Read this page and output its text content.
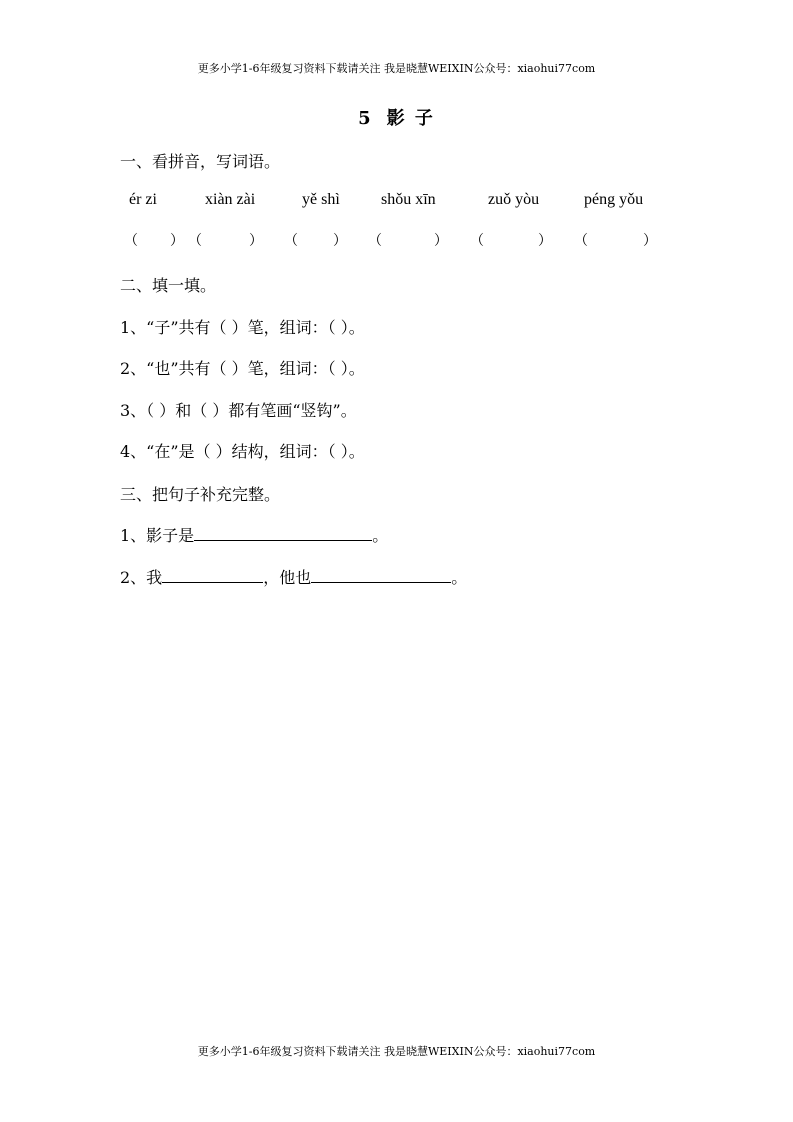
更多小学1-6年级复习资料下载请关注 我是晓慧WEIXIN公众号：xiaohui77com
5 影 子
一、看拼音，写词语。
ér zi	xiàn zài	yě shì	shǒu xīn	zuǒ yòu	péng yǒu
（ ） （	） （	） （	） （	） （	）
二、填一填。
1、“子”共有（ ）笔，组词：（ ）。
2、“也”共有（ ）笔，组词：（ ）。
3、（ ）和（ ）都有笔画“竖钩”。
4、“在”是（ ）结构，组词：（ ）。
三、把句子补充完整。
1、影子是	。
2、我	，他也	。
更多小学1-6年级复习资料下载请关注 我是晓慧WEIXIN公众号：xiaohui77com
